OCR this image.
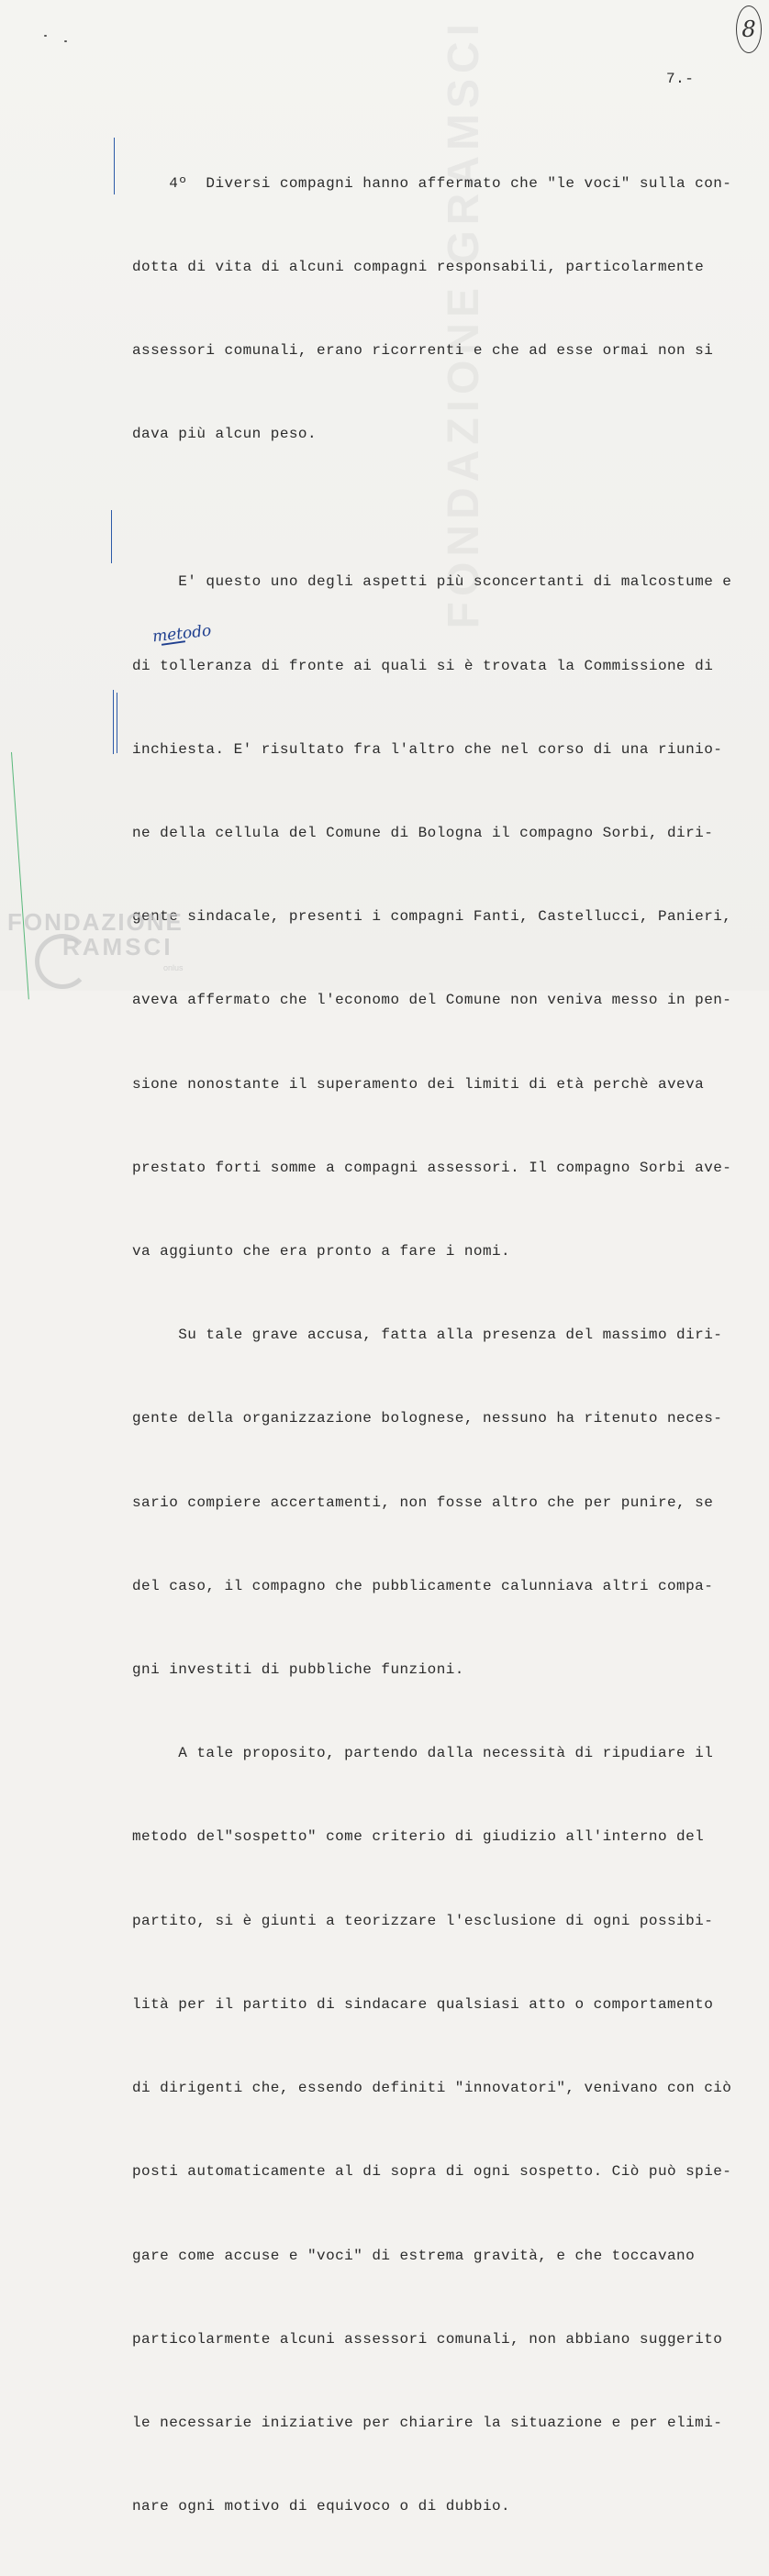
FONDAZIONE GRAMSCI	8
7.-

4º  Diversi compagni hanno affermato che "le voci" sulla con-

dotta di vita di alcuni compagni responsabili, particolarmente

assessori comunali, erano ricorrenti e che ad esse ormai non si

dava più alcun peso.

E' questo uno degli aspetti più sconcertanti di malcostume e

di tolleranza di fronte ai quali si è trovata la Commissione di

inchiesta. E' risultato fra l'altro che nel corso di una riunio-

ne della cellula del Comune di Bologna il compagno Sorbi, diri-

gente sindacale, presenti i compagni Fanti, Castellucci, Panieri,

aveva affermato che l'economo del Comune non veniva messo in pen-

sione nonostante il superamento dei limiti di età perchè aveva

prestato forti somme a compagni assessori. Il compagno Sorbi ave-

va aggiunto che era pronto a fare i nomi.

Su tale grave accusa, fatta alla presenza del massimo diri-

gente della organizzazione bolognese, nessuno ha ritenuto neces-

sario compiere accertamenti, non fosse altro che per punire, se

del caso, il compagno che pubblicamente calunniava altri compa-

gni investiti di pubbliche funzioni.

A tale proposito, partendo dalla necessità di ripudiare il

metodo del"sospetto" come criterio di giudizio all'interno del

partito, si è giunti a teorizzare l'esclusione di ogni possibi-

lità per il partito di sindacare qualsiasi atto o comportamento

di dirigenti che, essendo definiti "innovatori", venivano con ciò

posti automaticamente al di sopra di ogni sospetto. Ciò può spie-

gare come accuse e "voci" di estrema gravità, e che toccavano

particolarmente alcuni assessori comunali, non abbiano suggerito

le necessarie iniziative per chiarire la situazione e per elimi-

nare ogni motivo di equivoco o di dubbio.

metodo
FONDAZIONE
RAMSCI
onlus
